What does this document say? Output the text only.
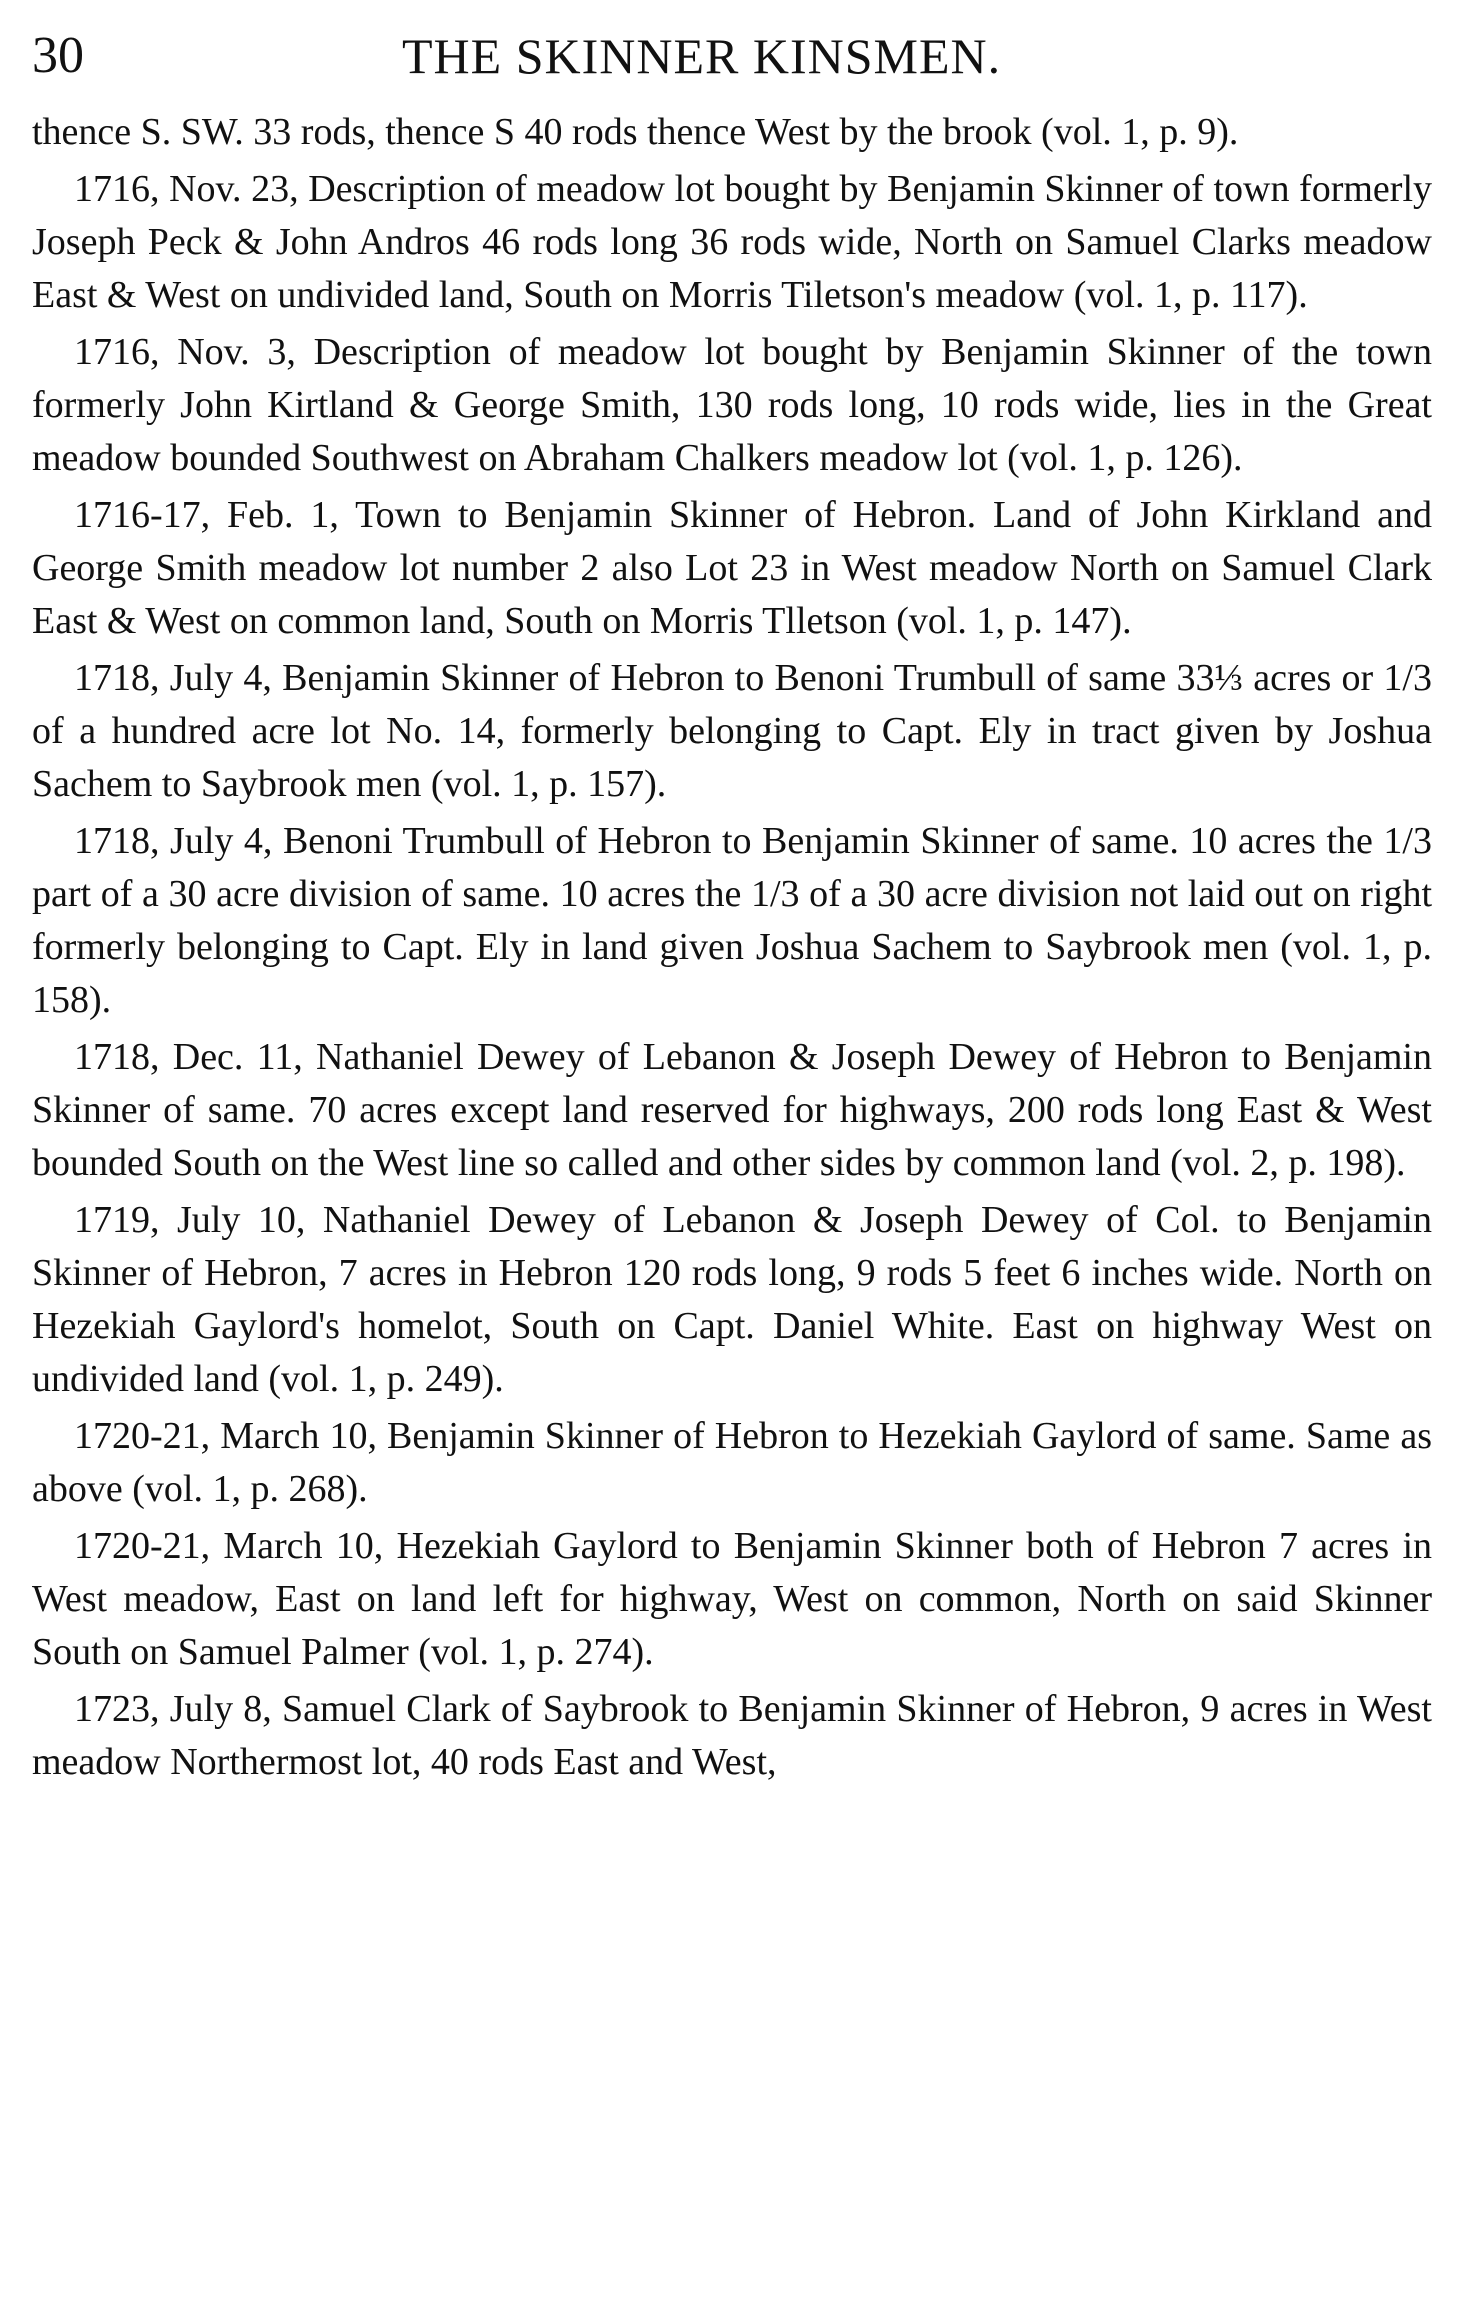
30	THE SKINNER KINSMEN.

thence S. SW. 33 rods, thence S 40 rods thence West by the brook (vol. 1, p. 9).

1716, Nov. 23, Description of meadow lot bought by Benjamin Skinner of town formerly Joseph Peck & John Andros 46 rods long 36 rods wide, North on Samuel Clarks meadow East & West on undivided land, South on Morris Tiletson's meadow (vol. 1, p. 117).

1716, Nov. 3, Description of meadow lot bought by Benjamin Skinner of the town formerly John Kirtland & George Smith, 130 rods long, 10 rods wide, lies in the Great meadow bounded Southwest on Abraham Chalkers meadow lot (vol. 1, p. 126).

1716-17, Feb. 1, Town to Benjamin Skinner of Hebron. Land of John Kirkland and George Smith meadow lot number 2 also Lot 23 in West meadow North on Samuel Clark East & West on common land, South on Morris Tlletson (vol. 1, p. 147).

1718, July 4, Benjamin Skinner of Hebron to Benoni Trumbull of same 33⅓ acres or 1/3 of a hundred acre lot No. 14, formerly belonging to Capt. Ely in tract given by Joshua Sachem to Saybrook men (vol. 1, p. 157).

1718, July 4, Benoni Trumbull of Hebron to Benjamin Skinner of same. 10 acres the 1/3 part of a 30 acre division of same. 10 acres the 1/3 of a 30 acre division not laid out on right formerly belonging to Capt. Ely in land given Joshua Sachem to Saybrook men (vol. 1, p. 158).

1718, Dec. 11, Nathaniel Dewey of Lebanon & Joseph Dewey of Hebron to Benjamin Skinner of same. 70 acres except land reserved for highways, 200 rods long East & West bounded South on the West line so called and other sides by common land (vol. 2, p. 198).

1719, July 10, Nathaniel Dewey of Lebanon & Joseph Dewey of Col. to Benjamin Skinner of Hebron, 7 acres in Hebron 120 rods long, 9 rods 5 feet 6 inches wide. North on Hezekiah Gaylord's homelot, South on Capt. Daniel White. East on highway West on undivided land (vol. 1, p. 249).

1720-21, March 10, Benjamin Skinner of Hebron to Hezekiah Gaylord of same. Same as above (vol. 1, p. 268).

1720-21, March 10, Hezekiah Gaylord to Benjamin Skinner both of Hebron 7 acres in West meadow, East on land left for highway, West on common, North on said Skinner South on Samuel Palmer (vol. 1, p. 274).

1723, July 8, Samuel Clark of Saybrook to Benjamin Skinner of Hebron, 9 acres in West meadow Northermost lot, 40 rods East and West,
